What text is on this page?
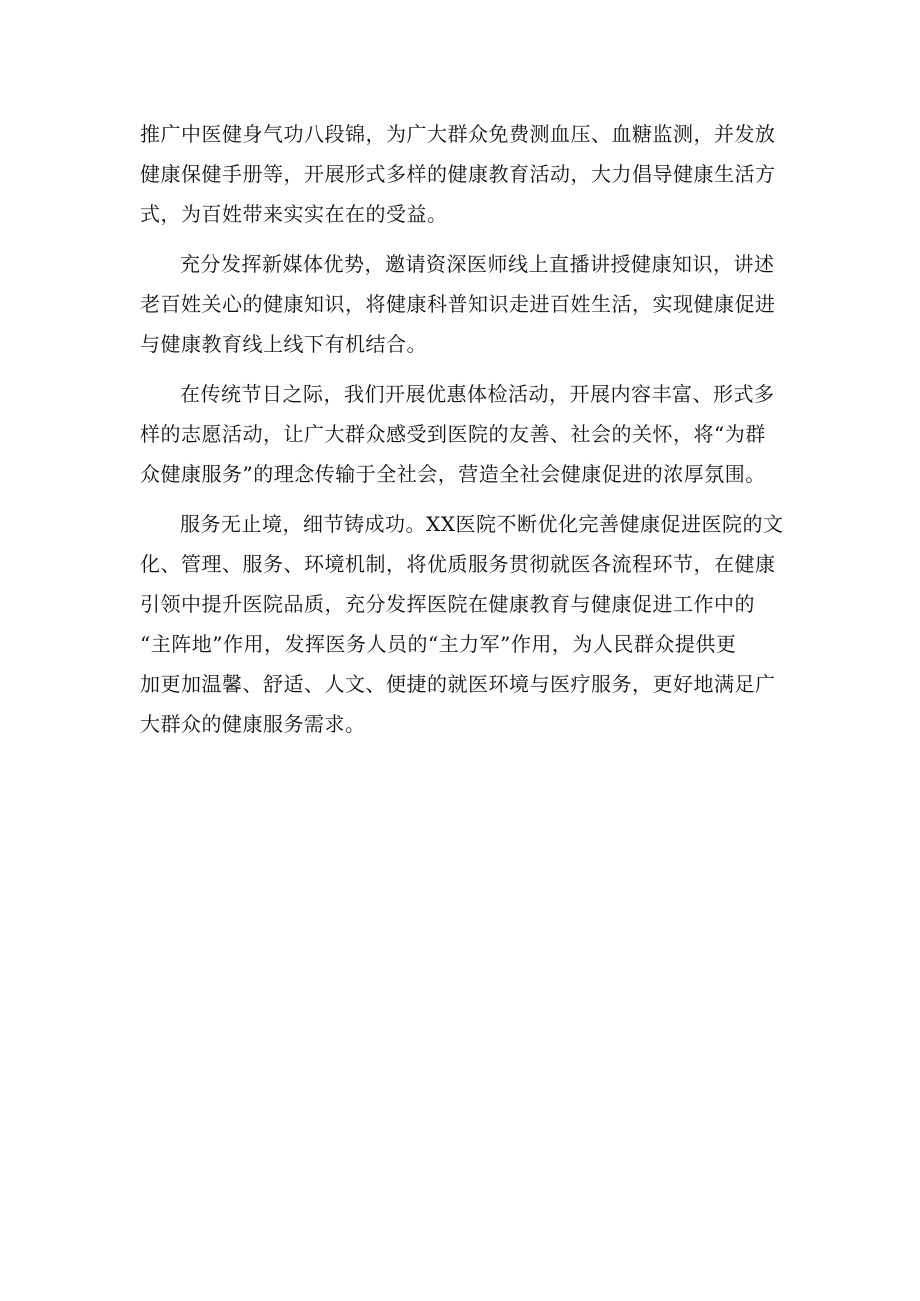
推广中医健身气功八段锦，为广大群众免费测血压、血糖监测，并发放
健康保健手册等，开展形式多样的健康教育活动，大力倡导健康生活方
式，为百姓带来实实在在的受益。
充分发挥新媒体优势，邀请资深医师线上直播讲授健康知识，讲述
老百姓关心的健康知识，将健康科普知识走进百姓生活，实现健康促进
与健康教育线上线下有机结合。
在传统节日之际，我们开展优惠体检活动，开展内容丰富、形式多
样的志愿活动，让广大群众感受到医院的友善、社会的关怀，将“为群
众健康服务”的理念传输于全社会，营造全社会健康促进的浓厚氛围。
服务无止境，细节铸成功。XX医院不断优化完善健康促进医院的文
化、管理、服务、环境机制，将优质服务贯彻就医各流程环节，在健康
引领中提升医院品质，充分发挥医院在健康教育与健康促进工作中的
“主阵地”作用，发挥医务人员的“主力军”作用，为人民群众提供更
加更加温馨、舒适、人文、便捷的就医环境与医疗服务，更好地满足广
大群众的健康服务需求。
